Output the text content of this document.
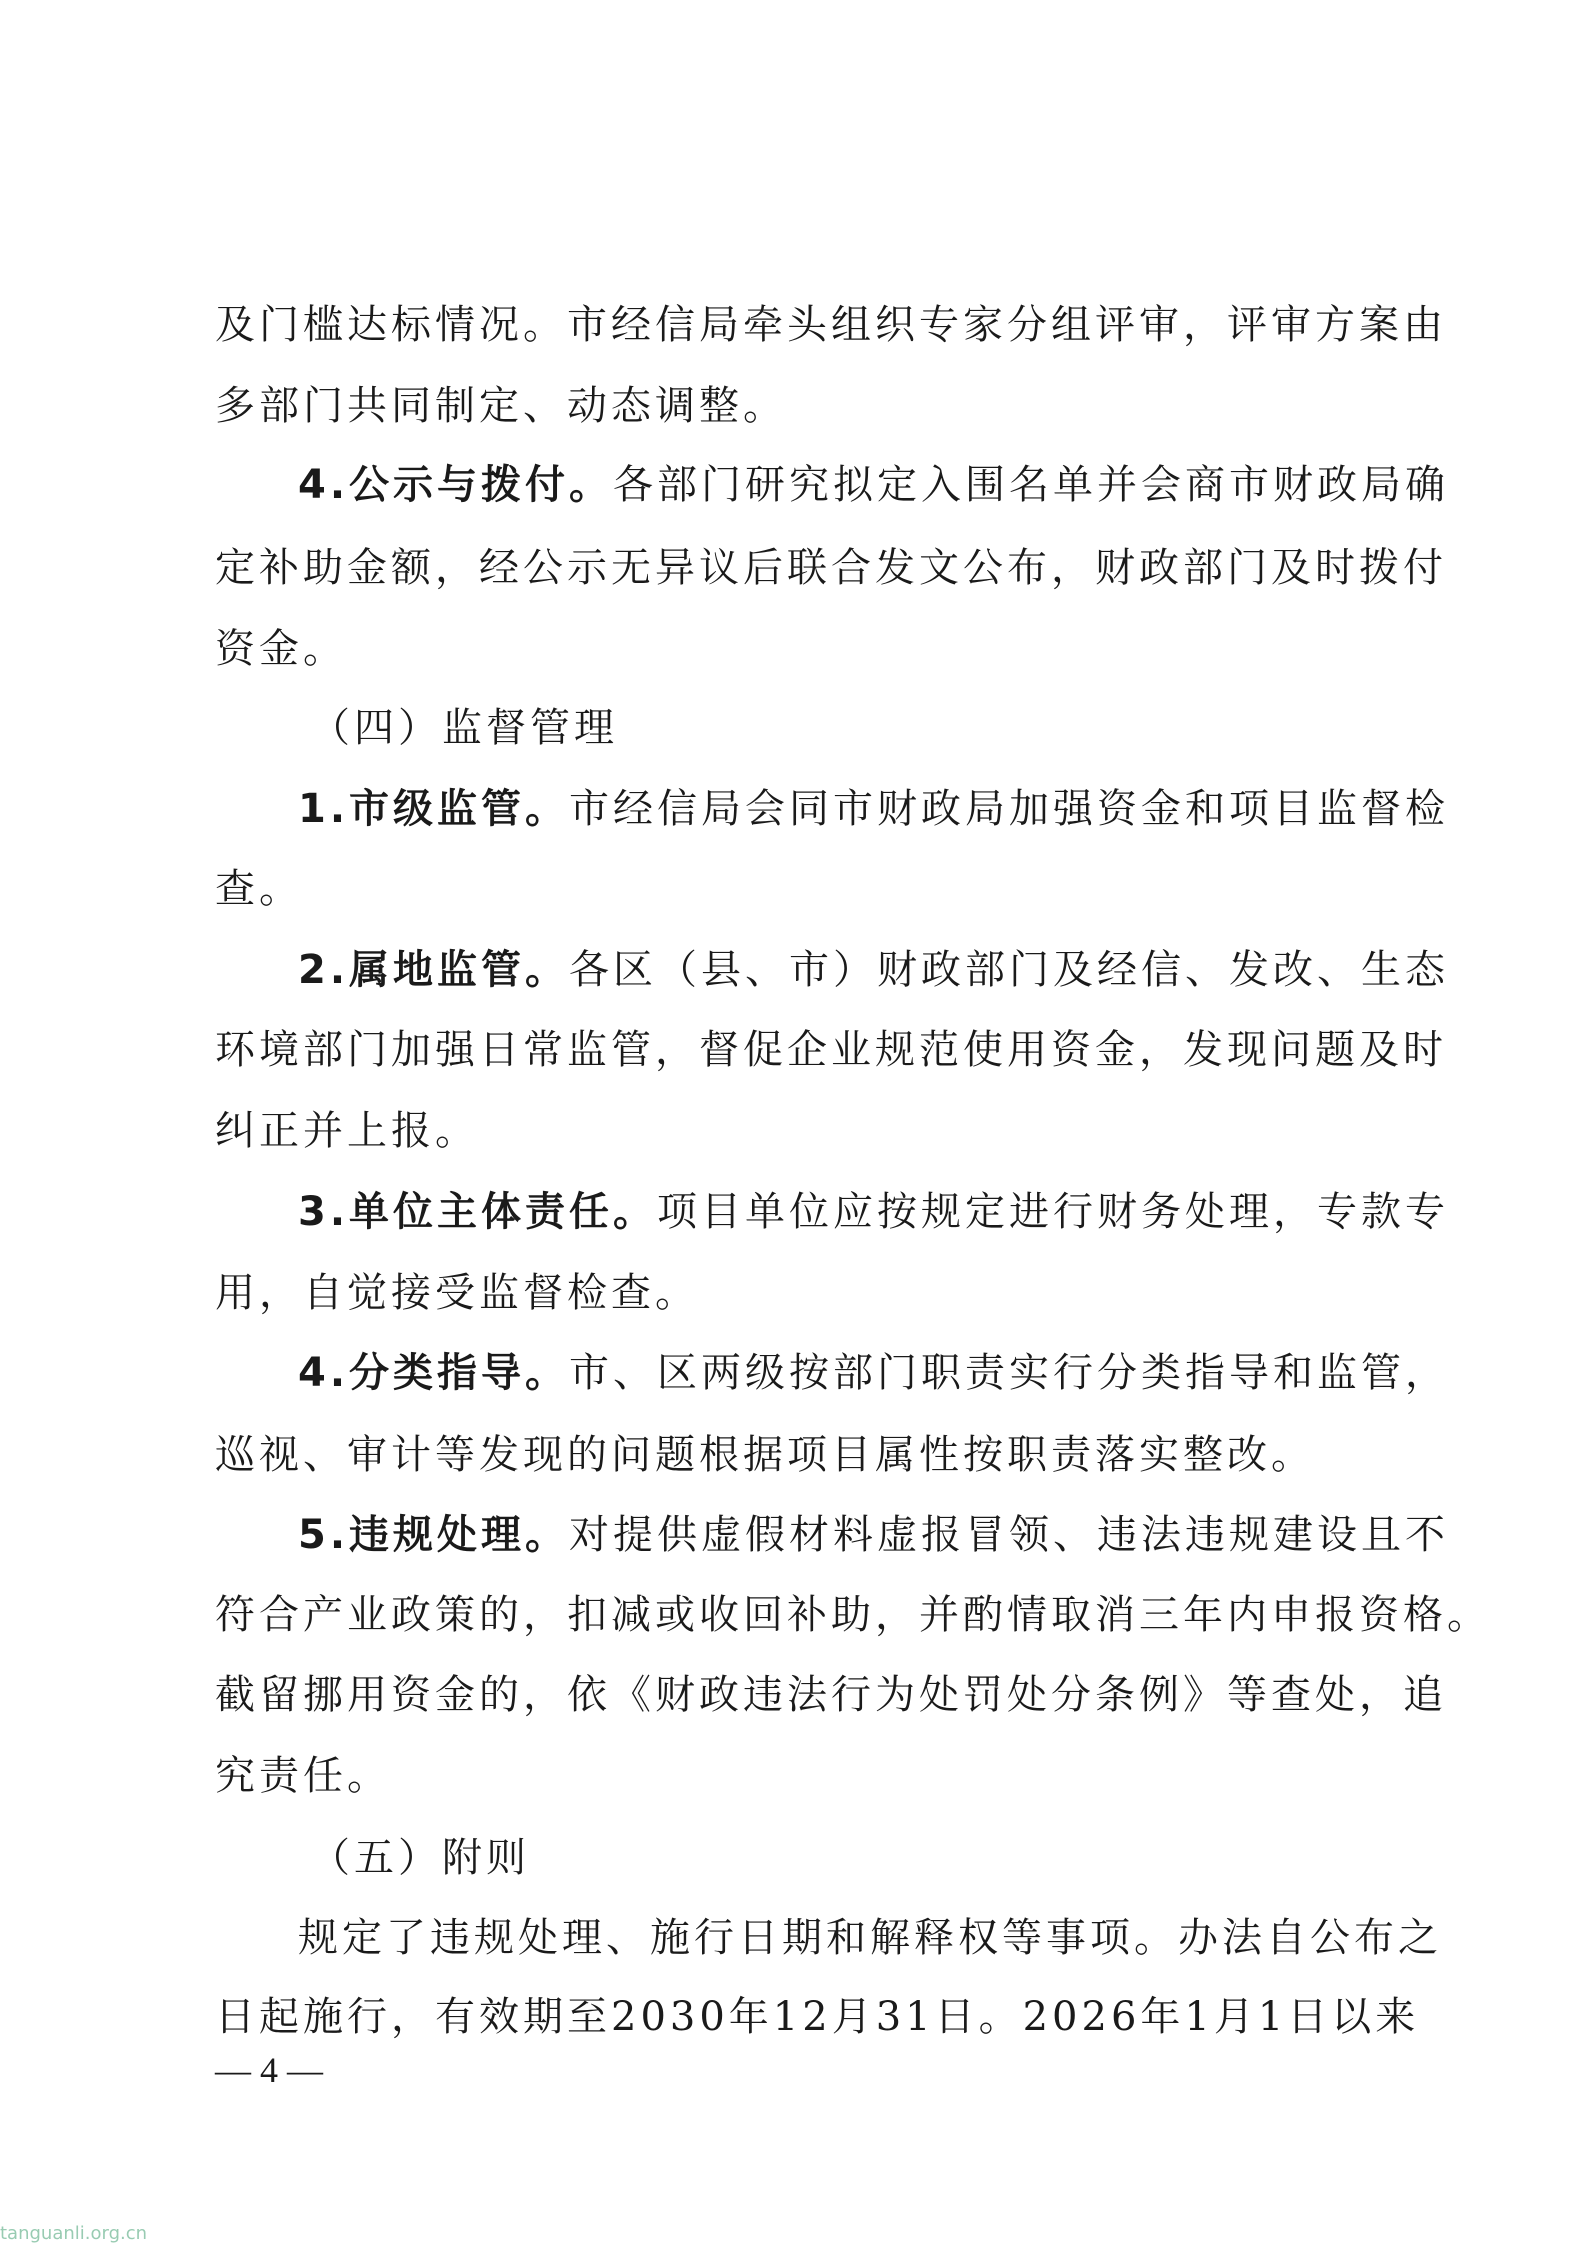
及门槛达标情况。市经信局牵头组织专家分组评审，评审方案由
多部门共同制定、动态调整。
4.公示与拨付。各部门研究拟定入围名单并会商市财政局确
定补助金额，经公示无异议后联合发文公布，财政部门及时拨付
资金。
（四）监督管理
1.市级监管。市经信局会同市财政局加强资金和项目监督检
查。
2.属地监管。各区（县、市）财政部门及经信、发改、生态
环境部门加强日常监管，督促企业规范使用资金，发现问题及时
纠正并上报。
3.单位主体责任。项目单位应按规定进行财务处理，专款专
用，自觉接受监督检查。
4.分类指导。市、区两级按部门职责实行分类指导和监管，
巡视、审计等发现的问题根据项目属性按职责落实整改。
5.违规处理。对提供虚假材料虚报冒领、违法违规建设且不
符合产业政策的，扣减或收回补助，并酌情取消三年内申报资格。
截留挪用资金的，依《财政违法行为处罚处分条例》等查处，追
究责任。
（五）附则
规定了违规处理、施行日期和解释权等事项。办法自公布之
日起施行，有效期至2030年12月31日。2026年1月1日以来
— 4 —
tanguanli.org.cn
